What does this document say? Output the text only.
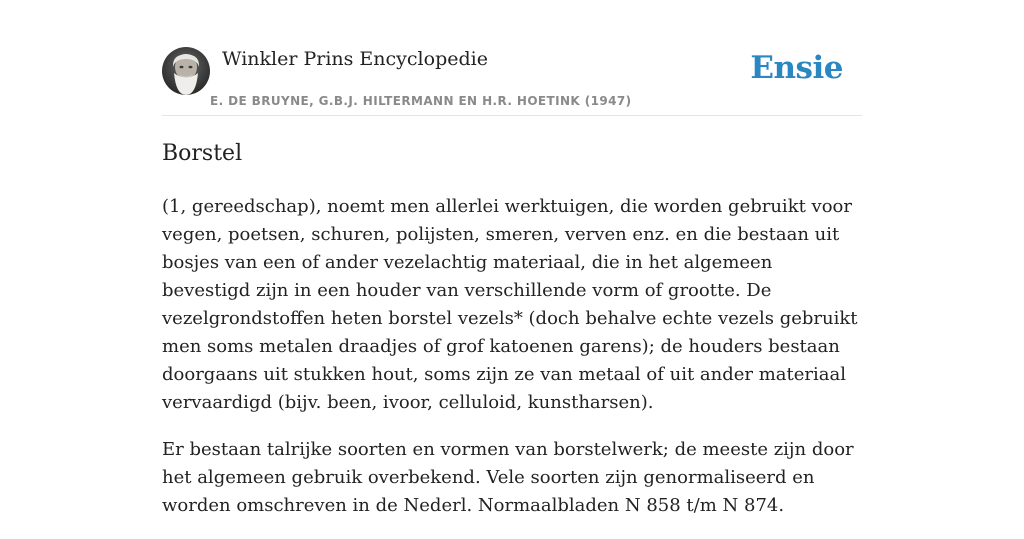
Winkler Prins Encyclopedie
E. DE BRUYNE, G.B.J. HILTERMANN EN H.R. HOETINK (1947)
Ensie
Borstel

(1, gereedschap), noemt men allerlei werktuigen, die worden gebruikt voor vegen, poetsen, schuren, polijsten, smeren, verven enz. en die bestaan uit bosjes van een of ander vezelachtig materiaal, die in het algemeen bevestigd zijn in een houder van verschillende vorm of grootte. De vezelgrondstoffen heten borstel vezels* (doch behalve echte vezels gebruikt men soms metalen draadjes of grof katoenen garens); de houders bestaan doorgaans uit stukken hout, soms zijn ze van metaal of uit ander materiaal vervaardigd (bijv. been, ivoor, celluloid, kunstharsen).

Er bestaan talrijke soorten en vormen van borstelwerk; de meeste zijn door het algemeen gebruik overbekend. Vele soorten zijn genormaliseerd en worden omschreven in de Nederl. Normaalbladen N 858 t/m N 874.
